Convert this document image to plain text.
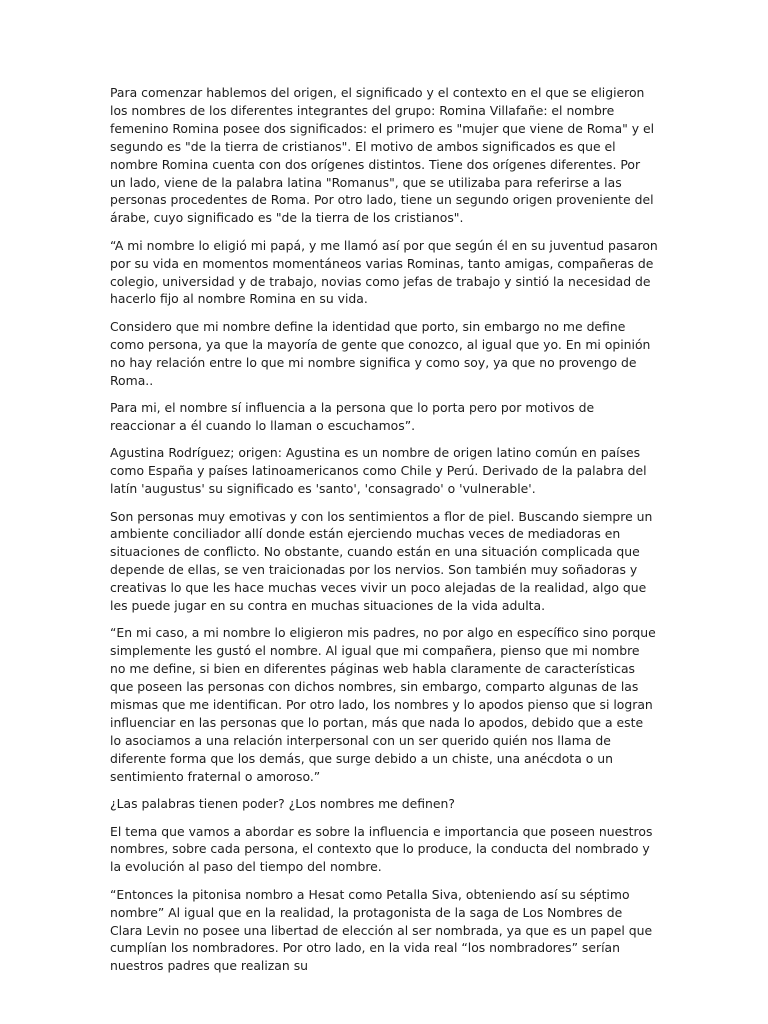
Para comenzar hablemos del origen, el significado y el contexto en el que se eligieron los nombres de los diferentes integrantes del grupo: Romina Villafañe: el nombre femenino Romina posee dos significados: el primero es "mujer que viene de Roma" y el segundo es "de la tierra de cristianos". El motivo de ambos significados es que el nombre Romina cuenta con dos orígenes distintos. Tiene dos orígenes diferentes. Por un lado, viene de la palabra latina "Romanus", que se utilizaba para referirse a las personas procedentes de Roma. Por otro lado, tiene un segundo origen proveniente del árabe, cuyo significado es "de la tierra de los cristianos".

“A mi nombre lo eligió mi papá, y me llamó así por que según él en su juventud pasaron por su vida en momentos momentáneos varias Rominas, tanto amigas, compañeras de colegio, universidad y de trabajo, novias como jefas de trabajo y sintió la necesidad de hacerlo fijo al nombre Romina en su vida.

Considero que mi nombre define la identidad que porto, sin embargo no me define como persona, ya que la mayoría de gente que conozco, al igual que yo. En mi opinión no hay relación entre lo que mi nombre significa y como soy, ya que no provengo de Roma..

Para mi, el nombre sí influencia a la persona que lo porta pero por motivos de reaccionar a él cuando lo llaman o escuchamos”.

Agustina Rodríguez; origen: Agustina es un nombre de origen latino común en países como España y países latinoamericanos como Chile y Perú. Derivado de la palabra del latín 'augustus' su significado es 'santo', 'consagrado' o 'vulnerable'.

Son personas muy emotivas y con los sentimientos a flor de piel. Buscando siempre un ambiente conciliador allí donde están ejerciendo muchas veces de mediadoras en situaciones de conflicto. No obstante, cuando están en una situación complicada que depende de ellas, se ven traicionadas por los nervios. Son también muy soñadoras y creativas lo que les hace muchas veces vivir un poco alejadas de la realidad, algo que les puede jugar en su contra en muchas situaciones de la vida adulta.

“En mi caso, a mi nombre lo eligieron mis padres, no por algo en específico sino porque simplemente les gustó el nombre. Al igual que mi compañera, pienso que mi nombre no me define, si bien en diferentes páginas web habla claramente de características que poseen las personas con dichos nombres, sin embargo, comparto algunas de las mismas que me identifican. Por otro lado, los nombres y lo apodos pienso que si logran influenciar en las personas que lo portan, más que nada lo apodos, debido que a este lo asociamos a una relación interpersonal con un ser querido quién nos llama de diferente forma que los demás, que surge debido a un chiste, una anécdota o un sentimiento fraternal o amoroso.”

¿Las palabras tienen poder? ¿Los nombres me definen?

El tema que vamos a abordar es sobre la influencia e importancia que poseen nuestros nombres, sobre cada persona, el contexto que lo produce, la conducta del nombrado y la evolución al paso del tiempo del nombre.

“Entonces la pitonisa nombro a Hesat como Petalla Siva, obteniendo así su séptimo nombre” Al igual que en la realidad, la protagonista de la saga de Los Nombres de Clara Levin no posee una libertad de elección al ser nombrada, ya que es un papel que cumplían los nombradores. Por otro lado, en la vida real “los nombradores” serían nuestros padres que realizan su
